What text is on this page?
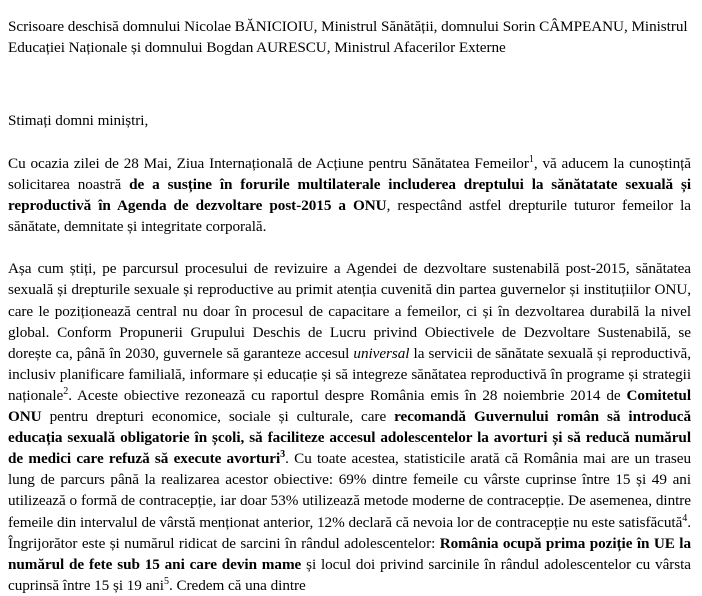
Scrisoare deschisă domnului Nicolae BĂNICIOIU, Ministrul Sănătății, domnului Sorin CÂMPEANU, Ministrul Educației Naționale și domnului Bogdan AURESCU, Ministrul Afacerilor Externe

Stimați domni miniștri,

Cu ocazia zilei de 28 Mai, Ziua Internațională de Acțiune pentru Sănătatea Femeilor$^1$, vă aducem la cunoștință solicitarea noastră de a susține în forurile multilaterale includerea dreptului la sănătatate sexuală și reproductivă în Agenda de dezvoltare post-2015 a ONU, respectând astfel drepturile tuturor femeilor la sănătate, demnitate și integritate corporală.

Așa cum știți, pe parcursul procesului de revizuire a Agendei de dezvoltare sustenabilă post-2015, sănătatea sexuală și drepturile sexuale și reproductive au primit atenția cuvenită din partea guvernelor și instituțiilor ONU, care le poziționează central nu doar în procesul de capacitare a femeilor, ci și în dezvoltarea durabilă la nivel global. Conform Propunerii Grupului Deschis de Lucru privind Obiectivele de Dezvoltare Sustenabilă, se dorește ca, până în 2030, guvernele să garanteze accesul universal la servicii de sănătate sexuală și reproductivă, inclusiv planificare familială, informare și educație și să integreze sănătatea reproductivă în programe și strategii naționale$^2$. Aceste obiective rezonează cu raportul despre România emis în 28 noiembrie 2014 de Comitetul ONU pentru drepturi economice, sociale și culturale, care recomandă Guvernului român să introducă educația sexuală obligatorie în școli, să faciliteze accesul adolescentelor la avorturi și să reducă numărul de medici care refuză să execute avorturi$^3$. Cu toate acestea, statisticile arată că România mai are un traseu lung de parcurs până la realizarea acestor obiective: 69% dintre femeile cu vârste cuprinse între 15 și 49 ani utilizează o formă de contracepție, iar doar 53% utilizează metode moderne de contracepție. De asemenea, dintre femeile din intervalul de vârstă menționat anterior, 12% declară că nevoia lor de contracepție nu este satisfăcută$^4$. Îngrijorător este și numărul ridicat de sarcini în rândul adolescentelor: România ocupă prima poziție în UE la numărul de fete sub 15 ani care devin mame și locul doi privind sarcinile în rândul adolescentelor cu vârsta cuprinsă între 15 și 19 ani$^5$. Credem că una dintre
